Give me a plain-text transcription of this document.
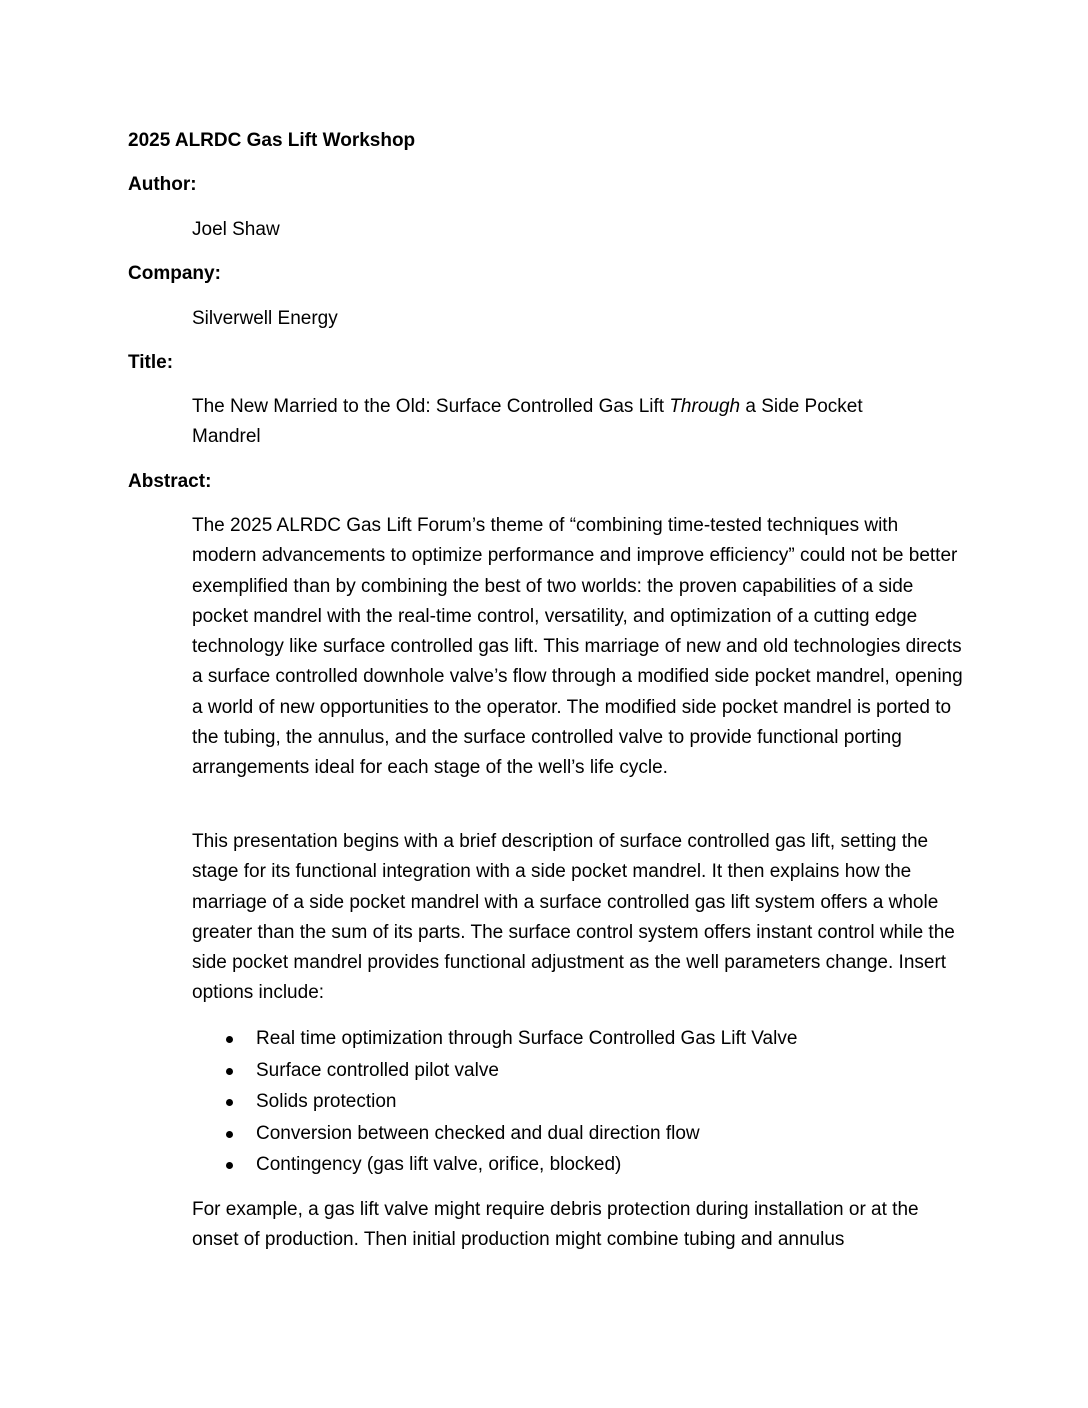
2025 ALRDC Gas Lift Workshop
Author:
Joel Shaw
Company:
Silverwell Energy
Title:
The New Married to the Old: Surface Controlled Gas Lift Through a Side Pocket Mandrel
Abstract:

The 2025 ALRDC Gas Lift Forum’s theme of “combining time-tested techniques with modern advancements to optimize performance and improve efficiency” could not be better exemplified than by combining the best of two worlds: the proven capabilities of a side pocket mandrel with the real-time control, versatility, and optimization of a cutting edge technology like surface controlled gas lift. This marriage of new and old technologies directs a surface controlled downhole valve’s flow through a modified side pocket mandrel, opening a world of new opportunities to the operator. The modified side pocket mandrel is ported to the tubing, the annulus, and the surface controlled valve to provide functional porting arrangements ideal for each stage of the well’s life cycle.

This presentation begins with a brief description of surface controlled gas lift, setting the stage for its functional integration with a side pocket mandrel. It then explains how the marriage of a side pocket mandrel with a surface controlled gas lift system offers a whole greater than the sum of its parts. The surface control system offers instant control while the side pocket mandrel provides functional adjustment as the well parameters change. Insert options include:

Real time optimization through Surface Controlled Gas Lift Valve
Surface controlled pilot valve
Solids protection
Conversion between checked and dual direction flow
Contingency (gas lift valve, orifice, blocked)

For example, a gas lift valve might require debris protection during installation or at the onset of production. Then initial production might combine tubing and annulus
